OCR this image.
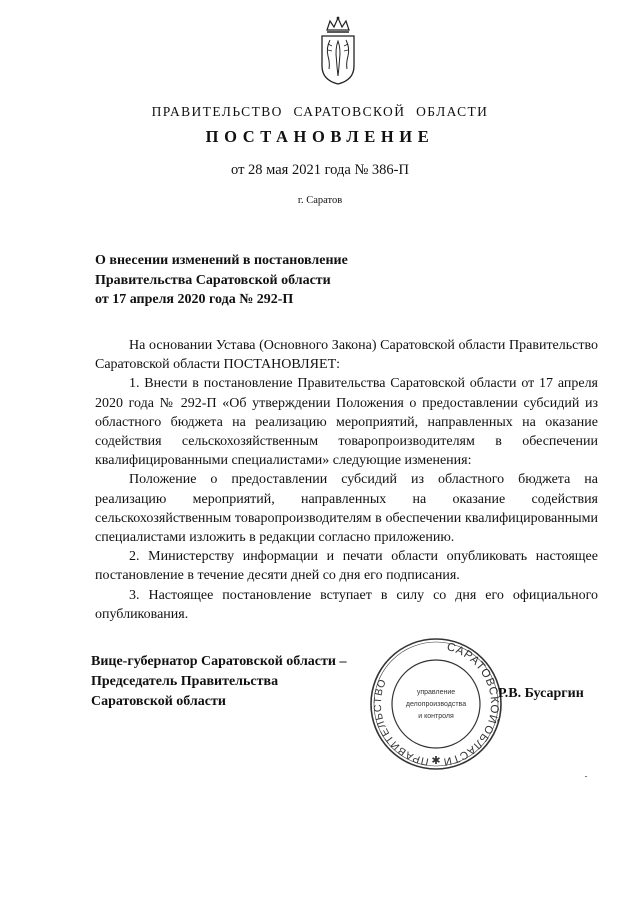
ПРАВИТЕЛЬСТВО САРАТОВСКОЙ ОБЛАСТИ
ПОСТАНОВЛЕНИЕ
от 28 мая 2021 года № 386-П
г. Саратов
О внесении изменений в постановление
Правительства Саратовской области
от 17 апреля 2020 года № 292-П

На основании Устава (Основного Закона) Саратовской области Правительство Саратовской области ПОСТАНОВЛЯЕТ:

1. Внести в постановление Правительства Саратовской области от 17 апреля 2020 года № 292-П «Об утверждении Положения о предоставлении субсидий из областного бюджета на реализацию мероприятий, направленных на оказание содействия сельскохозяйственным товаропроизводителям в обеспечении квалифицированными специалистами» следующие изменения:

Положение о предоставлении субсидий из областного бюджета на реализацию мероприятий, направленных на оказание содействия сельскохозяйственным товаропроизводителям в обеспечении квалифицированными специалистами изложить в редакции согласно приложению.

2. Министерству информации и печати области опубликовать настоящее постановление в течение десяти дней со дня его подписания.

3. Настоящее постановление вступает в силу со дня его официального опубликования.

САРАТОВСКОЙ
ОБЛАСТИ
ПРАВИТЕЛЬСТВО
✱
управление
делопроизводства
и контроля
Вице-губернатор Саратовской области –
Председатель Правительства
Саратовской области
Р.В. Бусаргин
